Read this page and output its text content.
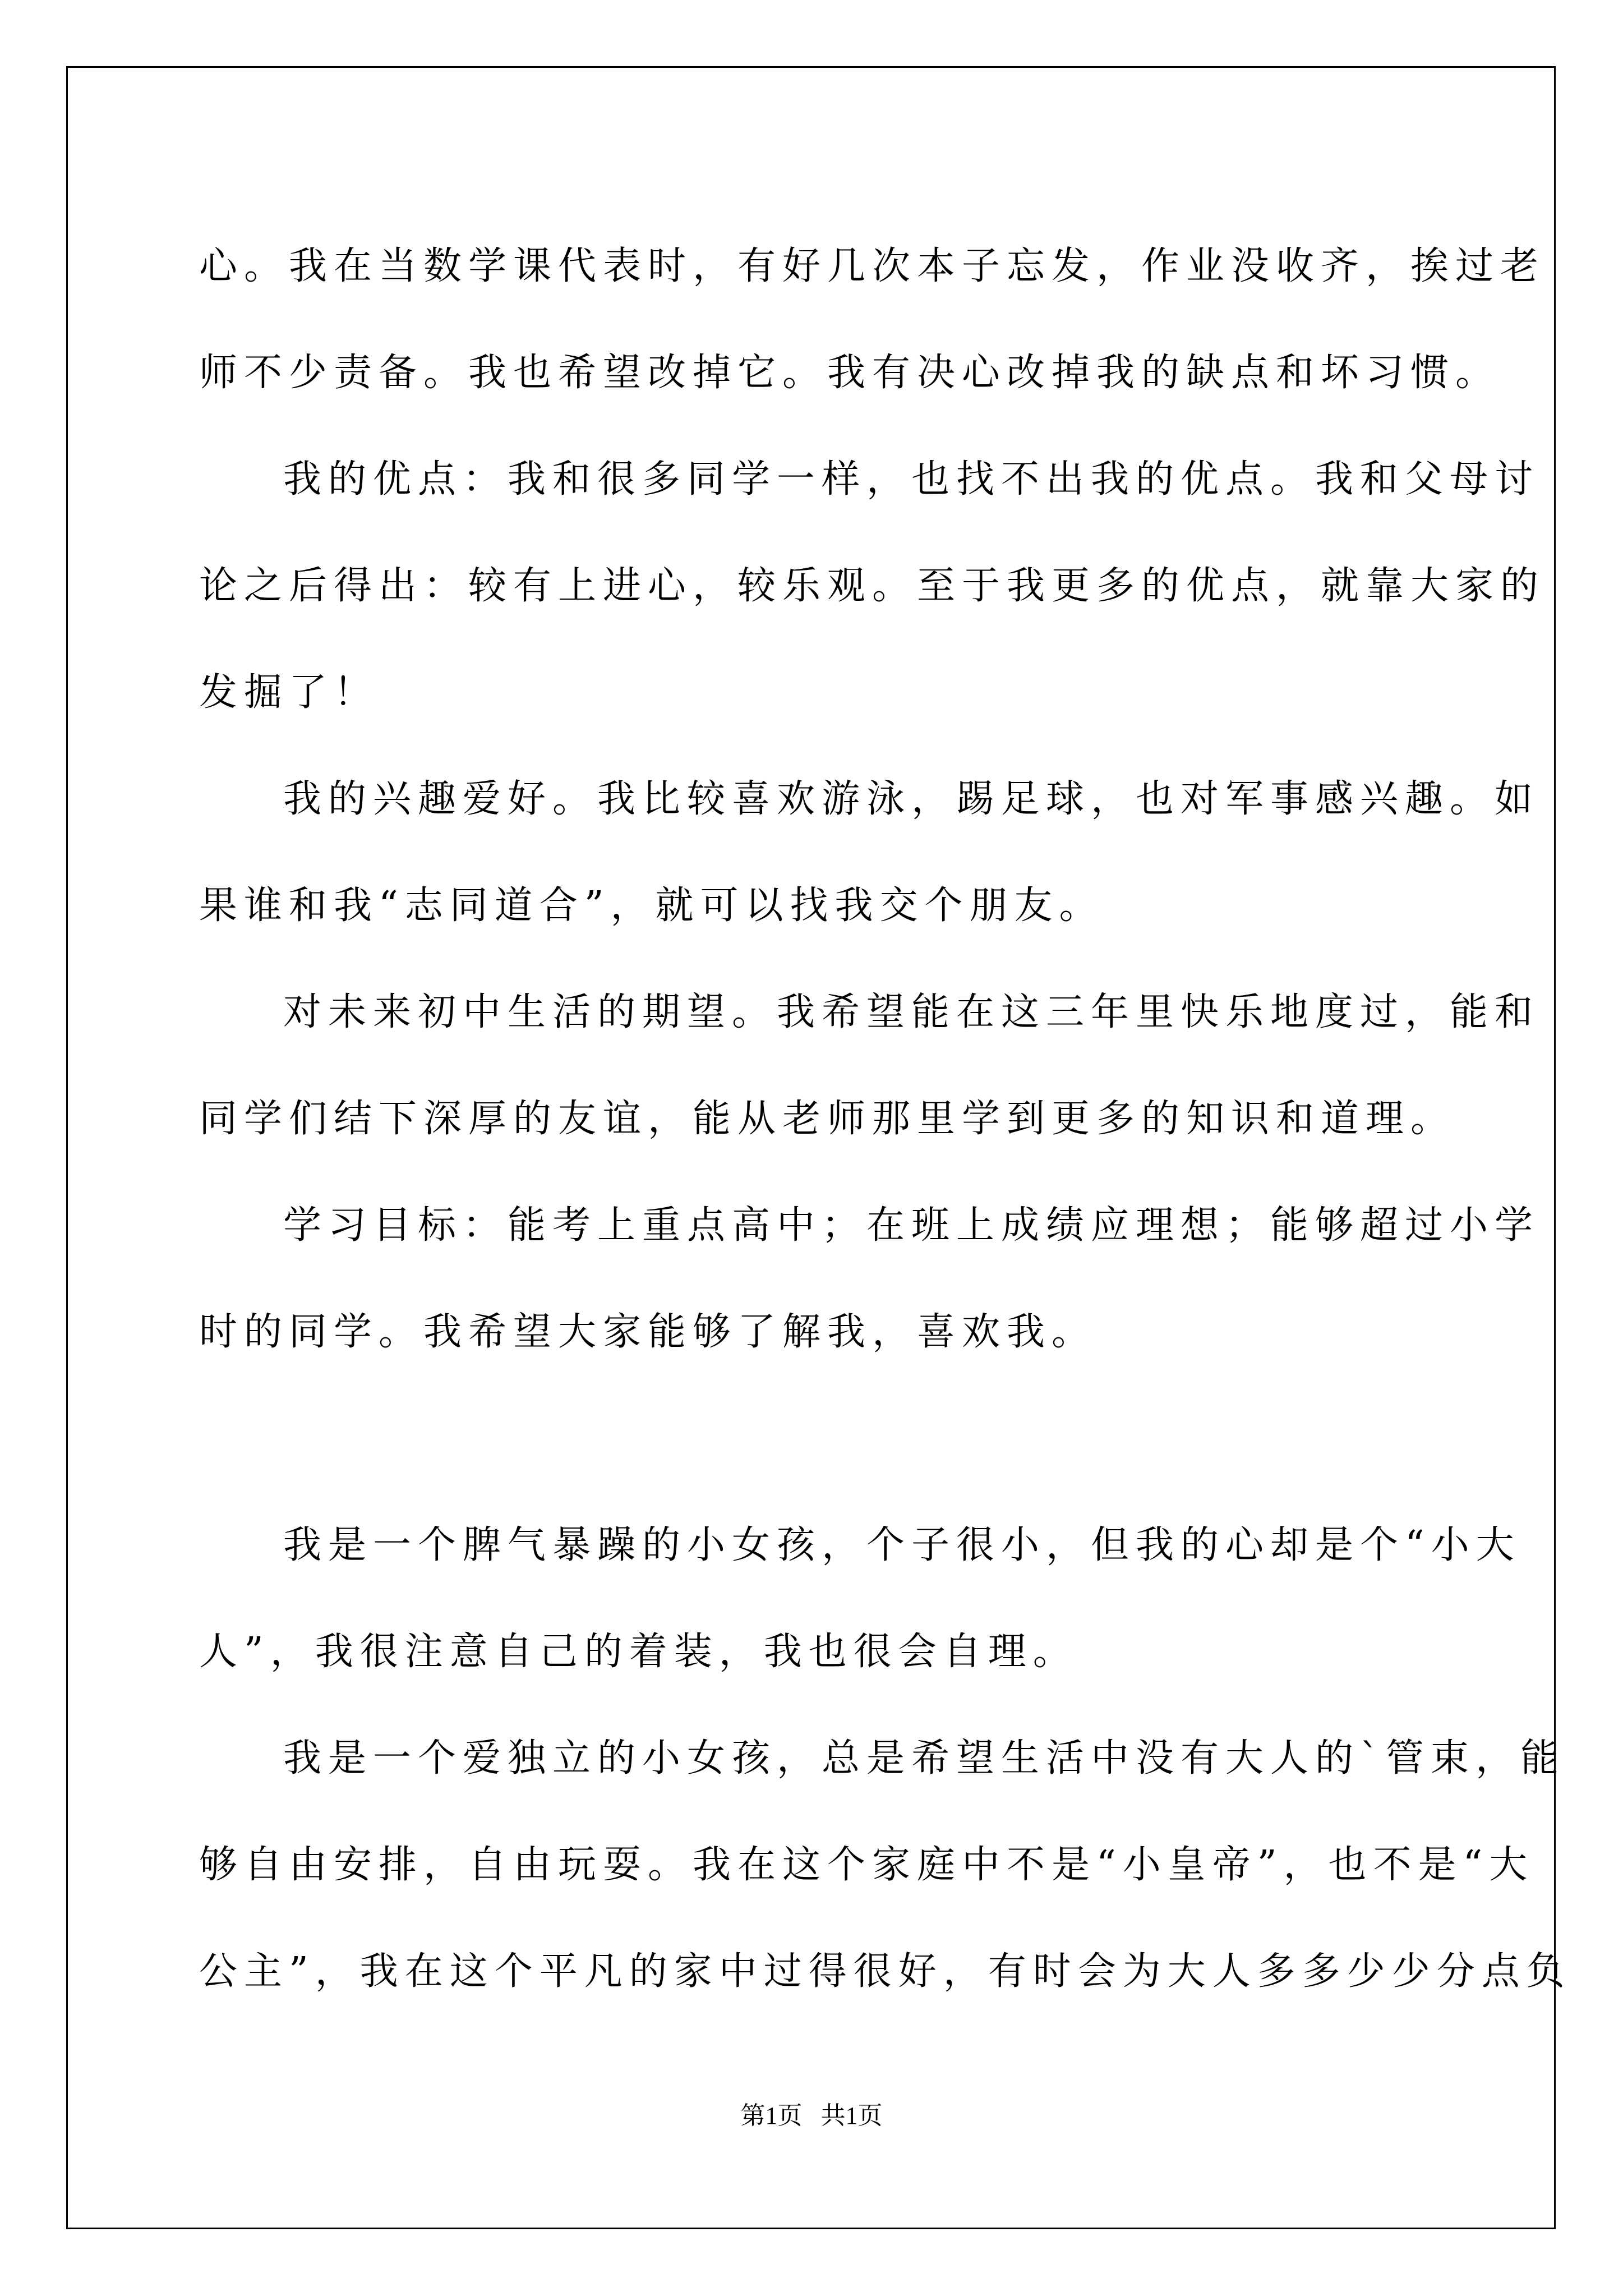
心。我在当数学课代表时，有好几次本子忘发，作业没收齐，挨过老

师不少责备。我也希望改掉它。我有决心改掉我的缺点和坏习惯。

我的优点：我和很多同学一样，也找不出我的优点。我和父母讨

论之后得出：较有上进心，较乐观。至于我更多的优点，就靠大家的

发掘了！

我的兴趣爱好。我比较喜欢游泳，踢足球，也对军事感兴趣。如

果谁和我“志同道合”，就可以找我交个朋友。

对未来初中生活的期望。我希望能在这三年里快乐地度过，能和

同学们结下深厚的友谊，能从老师那里学到更多的知识和道理。

学习目标：能考上重点高中；在班上成绩应理想；能够超过小学

时的同学。我希望大家能够了解我，喜欢我。

我是一个脾气暴躁的小女孩，个子很小，但我的心却是个“小大

人”，我很注意自己的着装，我也很会自理。

我是一个爱独立的小女孩，总是希望生活中没有大人的`管束，能

够自由安排，自由玩耍。我在这个家庭中不是“小皇帝”，也不是“大

公主”，我在这个平凡的家中过得很好，有时会为大人多多少少分点负

第1页   共1页
